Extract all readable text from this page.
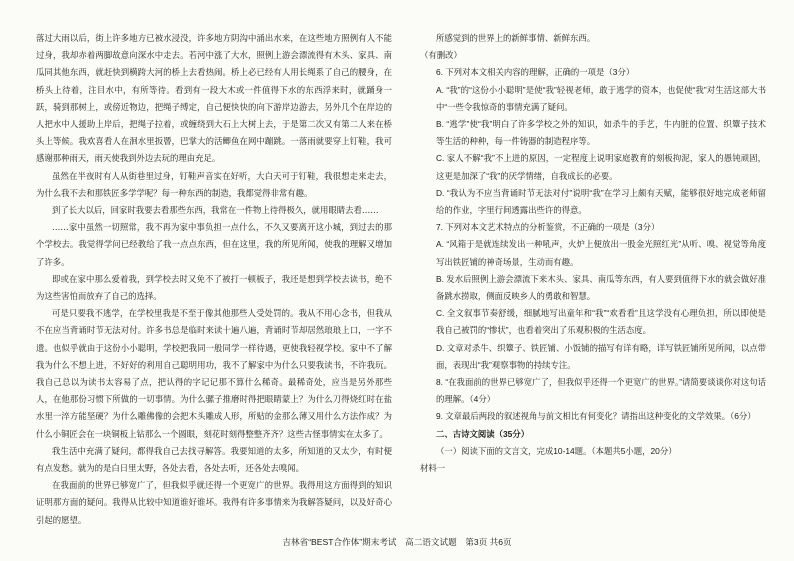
落过大雨以后，街上许多地方已被水浸没，许多地方阴沟中涌出水来，在这些地方照例有人不能过身，我却赤着两脚故意向深水中走去。若河中涨了大水，照例上游会漂流得有木头、家具、南瓜同其他东西，就赶快到横跨大河的桥上去看热闹。桥上必已经有人用长绳系了自己的腰身，在桥头上待着，注目水中，有所等待。看到有一段大木或一件值得下水的东西浮来时，就踊身一跃，骑到那树上，或傍近物边，把绳子缚定，自己便快快的向下游岸边游去，另外几个在岸边的人把水中人援助上岸后，把绳子拉着，或缠绕到大石上大树上去，于是第二次又有第二人来在桥头上等候。我欢喜看人在洄水里扳罾，巴掌大的活鲫鱼在网中蹦跳。一落雨就要穿上钉鞋，我可感谢那种雨天，雨天使我到外边去玩的理由充足。

虽然在半夜时有人从街巷里过身，钉鞋声音实在好听，大白天可于钉鞋，我很想走来走去，为什么我不去和那铁匠多学学呢？每一种东西的制造，我都觉得非常有趣。

到了长大以后，回家时我要去看那些东西，我常在一件物上待得极久，就用眼睛去看……

……家中虽然一切照常，我不再为家中事负担一点什么，不久又要离开这小城，到过去的那个学校去。我觉得学问已经教给了我一点点东西，但在这里，我的所见所闻，使我的理解又增加了许多。

即或在家中那么爱着我，到学校去时又免不了被打一顿板子，我还是想到学校去读书，绝不为这些害怕而放弃了自己的选择。

可是只要我不逃学，在学校里我是不至于像其他那些人受处罚的。我从不用心念书，但我从不在应当背诵时节无法对付。许多书总是临时来读十遍八遍，背诵时节却居然琅琅上口，一字不遗。也似乎就由于这份小小聪明，学校把我同一般同学一样待遇，更使我轻视学校。家中不了解我为什么不想上进，不好好的利用自己聪明用功，我不了解家中为什么只要我读书，不许我玩。我自己总以为读书太容易了点，把认得的字记记那不算什么稀奇。最稀奇处，应当是另外那些人，在他那份习惯下所做的一切事情。为什么骡子推磨时得把眼睛蒙上？为什么刀得烧红时在盐水里一淬方能坚硬？为什么雕佛像的会把木头雕成人形，所贴的金那么薄又用什么方法作成？为什么小铜匠会在一块铜板上钻那么一个圆眼，刻花时刻得整整齐齐？这些古怪事情实在太多了。

我生活中充满了疑问，都得我自己去找寻解答。我要知道的太多，所知道的又太少，有时便有点发愁。就为的是白日里太野，各处去看，各处去听，还各处去嗅闻。

在我面前的世界已够宽广了，但我似乎就还得一个更宽广的世界。我得用这方面得到的知识证明那方面的疑问。我得从比较中知道谁好谁坏。我得有许多事情来为我解答疑问，以及好奇心引起的愿望。

所感觉到的世界上的新鲜事情、新鲜东西。

（有删改）

6. 下列对本文相关内容的理解，正确的一项是（3分）

A. “我”的“这份小小聪明”是使“我”轻视老师，敢于逃学的资本，也促使“我”对生活这部大书中“一些令我惊奇的事情充满了疑问。

B. “逃学”使“我”明白了许多学校之外的知识，如杀牛的手艺，牛内脏的位置、织簟子技术等生活的种种，每一件铸器的制造程序等。

C. 家人不解“我”不上进的原因，一定程度上说明家庭教育的刻板拘泥，家人的愚钝顽固，这更是加深了“我”的厌学情绪，自我成长的必要。

D. “我认为不应当背诵时节无法对付”说明“我”在学习上颇有天赋，能够很好地完成老师留给的作业，字里行间透露出些许的得意。

7. 下列对本文艺术特点的分析鉴赏，不正确的一项是（3分）

A. “风箱于是就连续发出一种吼声，火炉上便放出一股金光照红光”从听、嗅、视觉等角度写出铁匠铺的神奇场景，生动而有趣。

B. 发水后照例上游会漂流下来木头、家具、南瓜等东西，有人要到值得下水的就会做好准备跳水捞取，侧面反映乡人的勇敢和智慧。

C. 全文叙事节奏舒缓，细腻地写出童年和“我”“欢看看”且这学没有心理负担，所以即使是我自己被罚的“惨状”，也看着突出了乐观积极的生活态度。

D. 文章对杀牛、织簟子、铁匠铺、小饭铺的描写有详有略，详写铁匠铺所见所闻，以点带面，表现出“我”观察事物的持续专注。

8. “在我面前的世界已够宽广了，但我似乎还得一个更宽广的世界。”请简要谈谈你对这句话的理解。（4分）

9. 文章最后两段的叙述视角与前文相比有何变化？请指出这种变化的文学效果。（6分）

二、古诗文阅读（35分）

（一）阅读下面的文言文，完成10-14题。（本题共5小题，20分）

材料一

吉林省“BEST合作体”期末考试　高二语文试题　第3页 共6页
